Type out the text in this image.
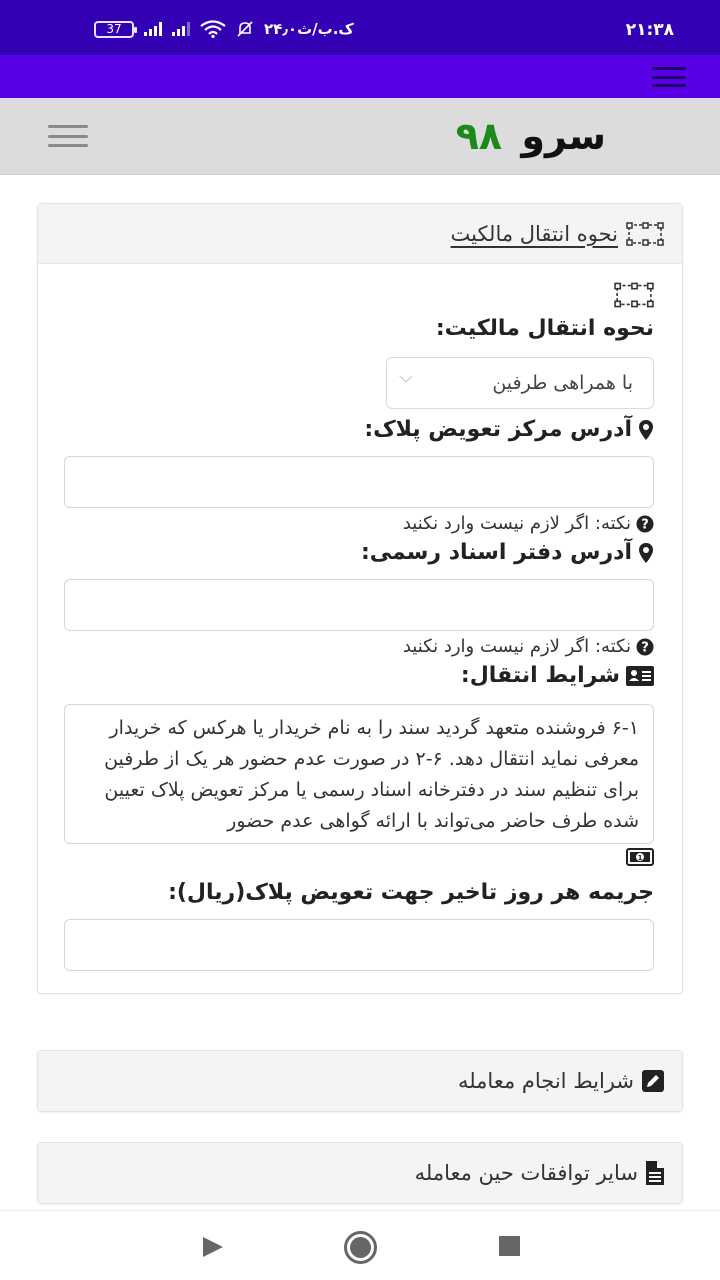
37	۲۴٫۰ک.ب/ث	۲۱:۳۸
سرو ۹۸
نحوه انتقال مالکیت
نحوه انتقال مالکیت:
با همراهی طرفین
﹀
آدرس مرکز تعویض پلاک:
?
نکته: اگر لازم نیست وارد نکنید
آدرس دفتر اسناد رسمی:
?
نکته: اگر لازم نیست وارد نکنید
شرایط انتقال:
۶-۱ فروشنده متعهد گردید سند را به نام خریدار یا هرکس که خریدار معرفی نماید انتقال دهد. ۶-۲ در صورت عدم حضور هر یک از طرفین برای تنظیم سند در دفترخانه اسناد رسمی یا مرکز تعویض پلاک تعیین شده طرف حاضر می‌تواند با ارائه گواهی عدم حضور
1
جریمه هر روز تاخیر جهت تعویض پلاک(ریال):
شرایط انجام معامله
سایر توافقات حین معامله
